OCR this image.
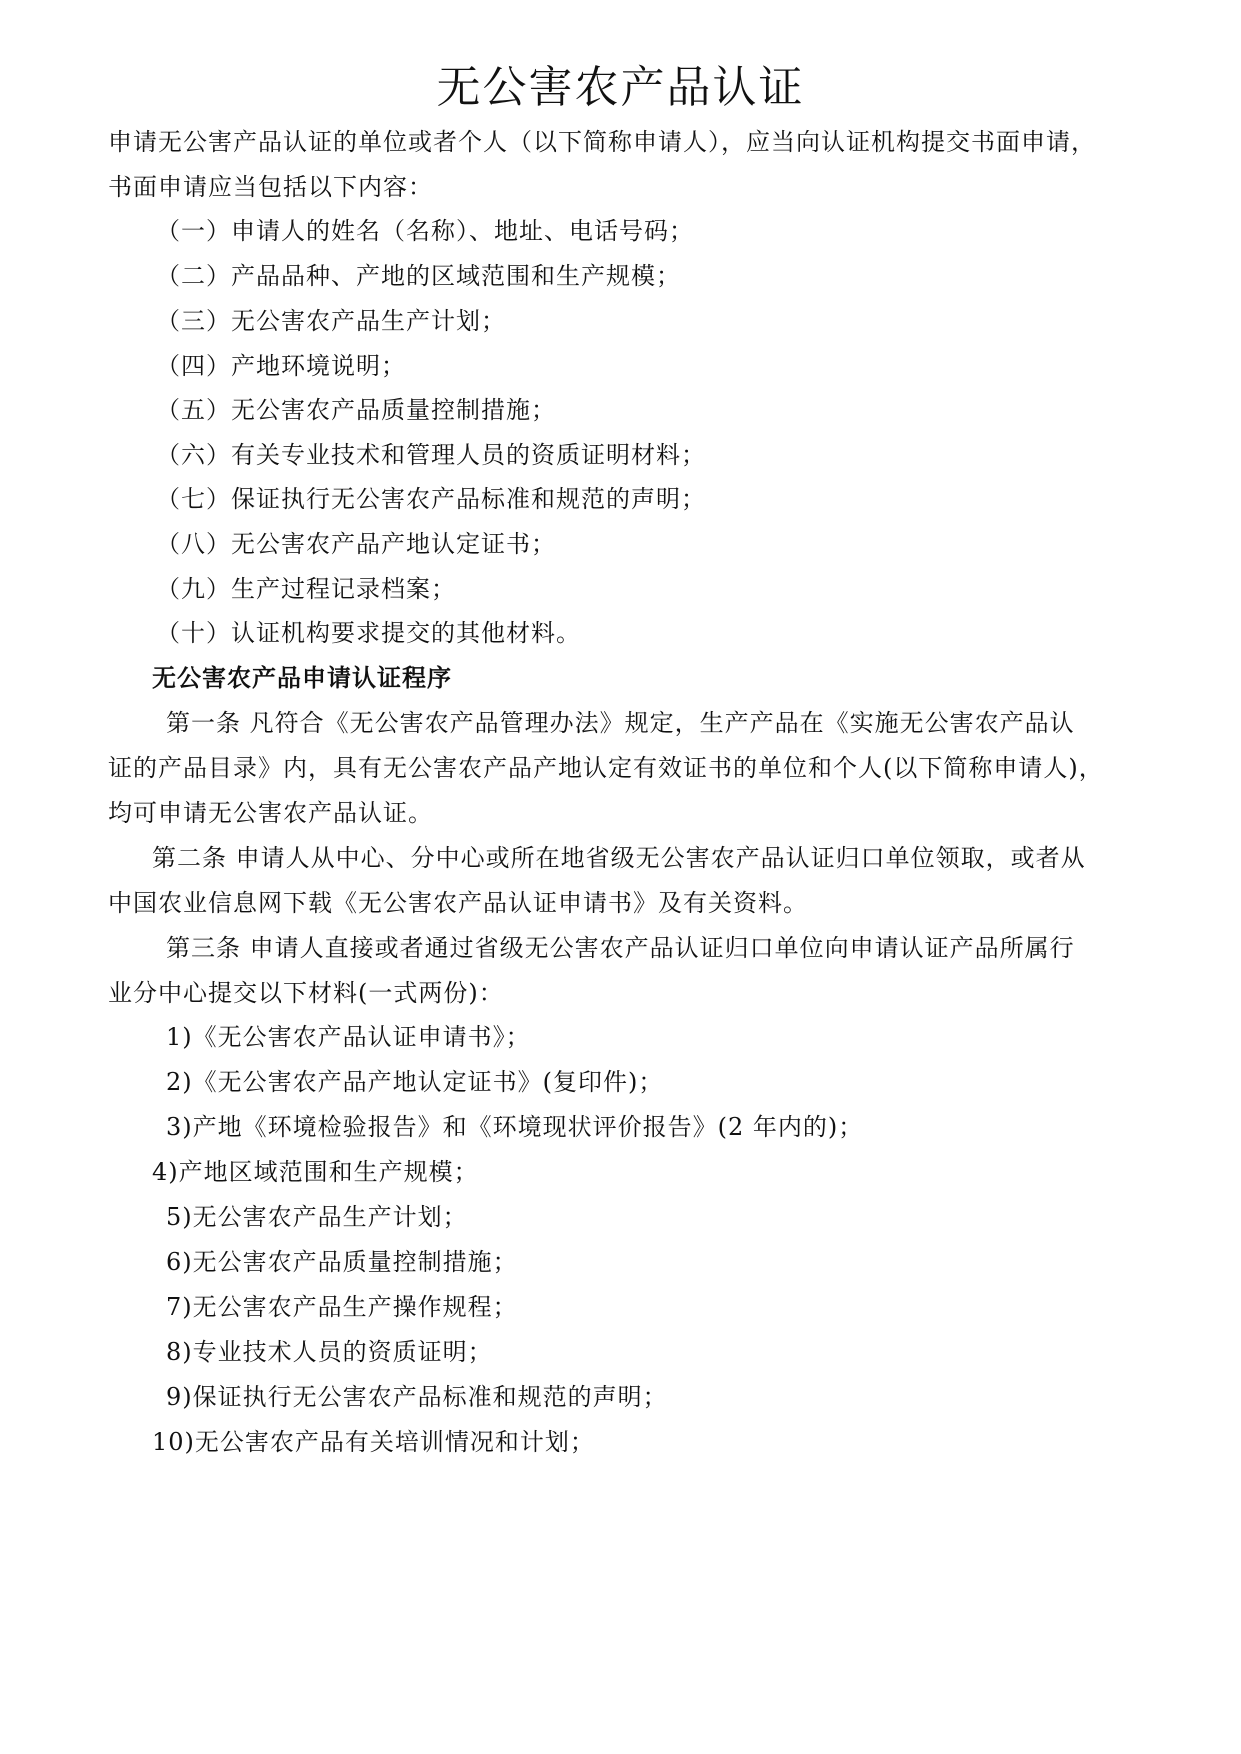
无公害农产品认证
申请无公害产品认证的单位或者个人（以下简称申请人），应当向认证机构提交书面申请，
书面申请应当包括以下内容：
（一）申请人的姓名（名称）、地址、电话号码；
（二）产品品种、产地的区域范围和生产规模；
（三）无公害农产品生产计划；
（四）产地环境说明；
（五）无公害农产品质量控制措施；
（六）有关专业技术和管理人员的资质证明材料；
（七）保证执行无公害农产品标准和规范的声明；
（八）无公害农产品产地认定证书；
（九）生产过程记录档案；
（十）认证机构要求提交的其他材料。
无公害农产品申请认证程序
第一条 凡符合《无公害农产品管理办法》规定，生产产品在《实施无公害农产品认
证的产品目录》内，具有无公害农产品产地认定有效证书的单位和个人(以下简称申请人)，
均可申请无公害农产品认证。
第二条 申请人从中心、分中心或所在地省级无公害农产品认证归口单位领取，或者从
中国农业信息网下载《无公害农产品认证申请书》及有关资料。
第三条 申请人直接或者通过省级无公害农产品认证归口单位向申请认证产品所属行
业分中心提交以下材料(一式两份)：
1)《无公害农产品认证申请书》；
2)《无公害农产品产地认定证书》(复印件)；
3)产地《环境检验报告》和《环境现状评价报告》(2 年内的)；
4)产地区域范围和生产规模；
5)无公害农产品生产计划；
6)无公害农产品质量控制措施；
7)无公害农产品生产操作规程；
8)专业技术人员的资质证明；
9)保证执行无公害农产品标准和规范的声明；
10)无公害农产品有关培训情况和计划；
